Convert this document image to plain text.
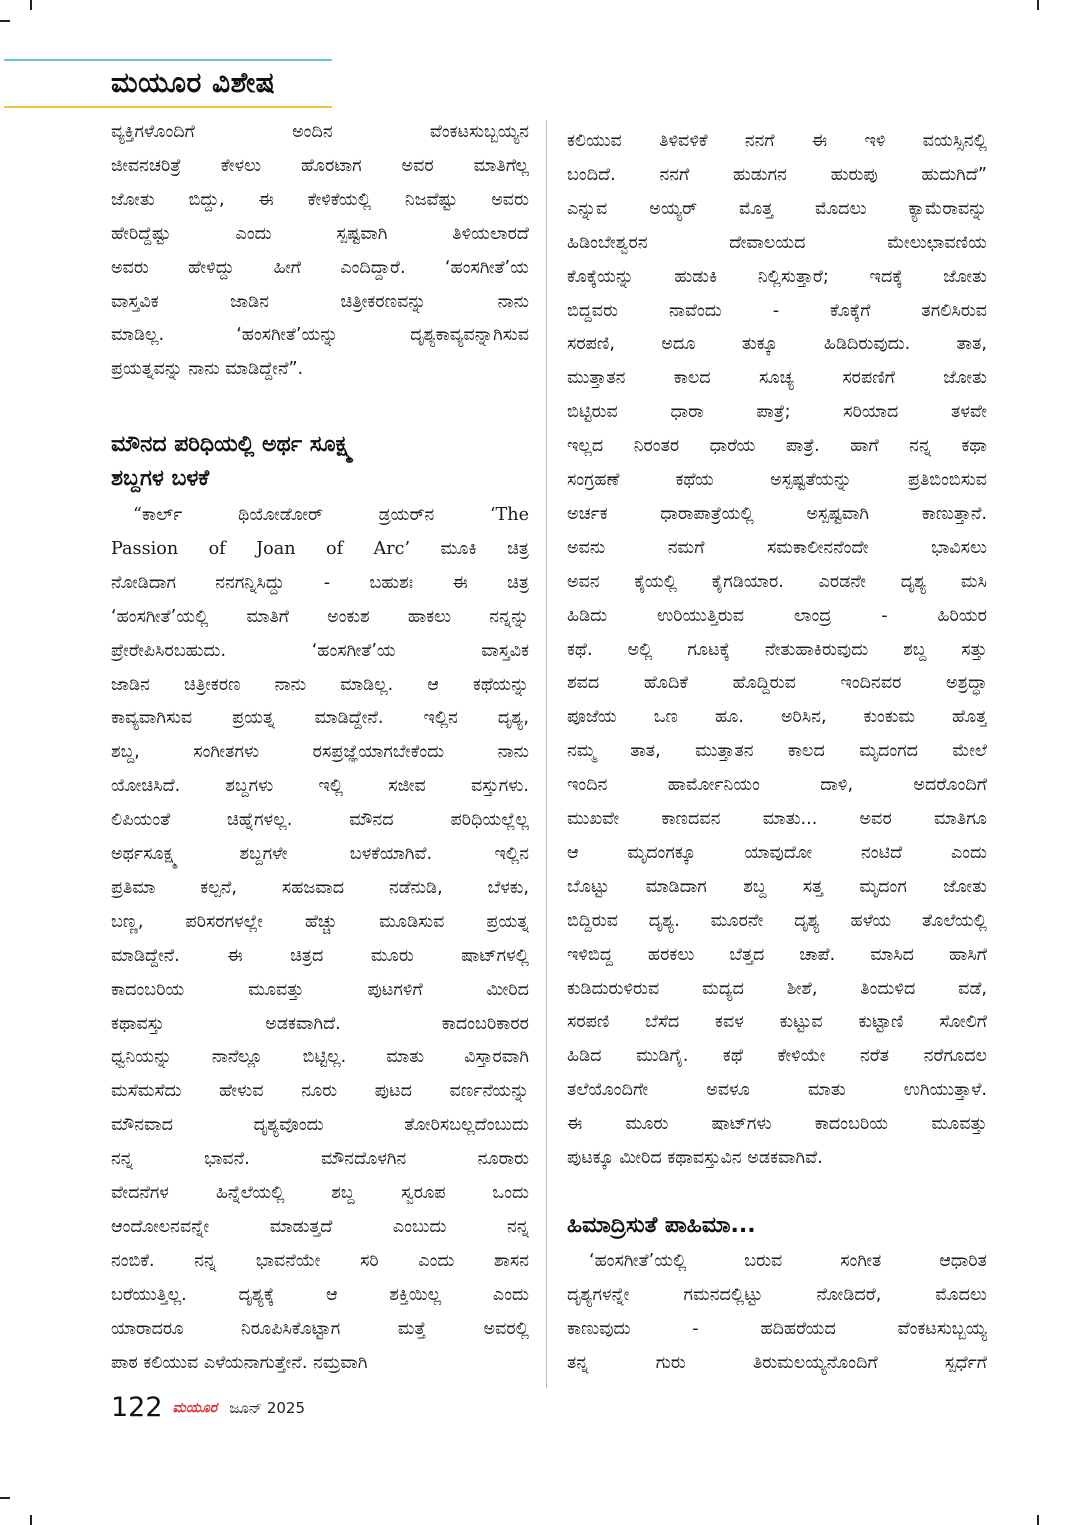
ಮಯೂರ ವಿಶೇಷ
ವ್ಯಕ್ತಿಗಳೊಂದಿಗೆ ಅಂದಿನ ವೆಂಕಟಸುಬ್ಬಯ್ಯನ
ಜೀವನಚರಿತ್ರೆ ಕೇಳಲು ಹೊರಟಾಗ ಅವರ ಮಾತಿಗೆಲ್ಲ
ಜೋತು ಬಿದ್ದು, ಈ ಕೇಳಿಕೆಯಲ್ಲಿ ನಿಜವೆಷ್ಟು ಅವರು
ಹೇರಿದ್ದೆಷ್ಟು ಎಂದು ಸ್ಪಷ್ಟವಾಗಿ ತಿಳಿಯಲಾರದೆ
ಅವರು ಹೇಳಿದ್ದು ಹೀಗೆ ಎಂದಿದ್ದಾರೆ. ‘ಹಂಸಗೀತೆ’ಯ
ವಾಸ್ತವಿಕ ಜಾಡಿನ ಚಿತ್ರೀಕರಣವನ್ನು ನಾನು
ಮಾಡಿಲ್ಲ. ‘ಹಂಸಗೀತೆ’ಯನ್ನು ದೃಶ್ಯಕಾವ್ಯವನ್ನಾಗಿಸುವ
ಪ್ರಯತ್ನವನ್ನು ನಾನು ಮಾಡಿದ್ದೇನೆ”.
ಮೌನದ ಪರಿಧಿಯಲ್ಲಿ ಅರ್ಥ ಸೂಕ್ಷ್ಮ
ಶಬ್ದಗಳ ಬಳಕೆ
“ಕಾರ್ಲ್ ಥಿಯೋಡೋರ್ ಡ್ರಯರ್‌ನ ‘The
Passion of Joan of Arc’ ಮೂಕಿ ಚಿತ್ರ
ನೋಡಿದಾಗ ನನಗನ್ನಿಸಿದ್ದು - ಬಹುಶಃ ಈ ಚಿತ್ರ
‘ಹಂಸಗೀತೆ’ಯಲ್ಲಿ ಮಾತಿಗೆ ಅಂಕುಶ ಹಾಕಲು ನನ್ನನ್ನು
ಪ್ರೇರೇಪಿಸಿರಬಹುದು. ‘ಹಂಸಗೀತೆ’ಯ ವಾಸ್ತವಿಕ
ಜಾಡಿನ ಚಿತ್ರೀಕರಣ ನಾನು ಮಾಡಿಲ್ಲ. ಆ ಕಥೆಯನ್ನು
ಕಾವ್ಯವಾಗಿಸುವ ಪ್ರಯತ್ನ ಮಾಡಿದ್ದೇನೆ. ಇಲ್ಲಿನ ದೃಶ್ಯ,
ಶಬ್ದ, ಸಂಗೀತಗಳು ರಸಪ್ರಜ್ಞೆಯಾಗಬೇಕೆಂದು ನಾನು
ಯೋಚಿಸಿದೆ. ಶಬ್ದಗಳು ಇಲ್ಲಿ ಸಜೀವ ವಸ್ತುಗಳು.
ಲಿಪಿಯಂತೆ ಚಿಹ್ನೆಗಳಲ್ಲ. ಮೌನದ ಪರಿಧಿಯಲ್ಲೆಲ್ಲ
ಅರ್ಥಸೂಕ್ಷ್ಮ ಶಬ್ದಗಳೇ ಬಳಕೆಯಾಗಿವೆ. ಇಲ್ಲಿನ
ಪ್ರತಿಮಾ ಕಲ್ಪನೆ, ಸಹಜವಾದ ನಡೆನುಡಿ, ಬೆಳಕು,
ಬಣ್ಣ, ಪರಿಸರಗಳಲ್ಲೇ ಹೆಚ್ಚು ಮೂಡಿಸುವ ಪ್ರಯತ್ನ
ಮಾಡಿದ್ದೇನೆ. ಈ ಚಿತ್ರದ ಮೂರು ಷಾಟ್‌ಗಳಲ್ಲಿ
ಕಾದಂಬರಿಯ ಮೂವತ್ತು ಪುಟಗಳಿಗೆ ಮೀರಿದ
ಕಥಾವಸ್ತು ಅಡಕವಾಗಿದೆ. ಕಾದಂಬರಿಕಾರರ
ಧ್ವನಿಯನ್ನು ನಾನೆಲ್ಲೂ ಬಿಟ್ಟಿಲ್ಲ. ಮಾತು ವಿಸ್ತಾರವಾಗಿ
ಮಸೆಮಸೆದು ಹೇಳುವ ನೂರು ಪುಟದ ವರ್ಣನೆಯನ್ನು
ಮೌನವಾದ ದೃಶ್ಯವೊಂದು ತೋರಿಸಬಲ್ಲದೆಂಬುದು
ನನ್ನ ಭಾವನೆ. ಮೌನದೊಳಗಿನ ನೂರಾರು
ವೇದನೆಗಳ ಹಿನ್ನೆಲೆಯಲ್ಲಿ ಶಬ್ದ ಸ್ವರೂಪ ಒಂದು
ಆಂದೋಲನವನ್ನೇ ಮಾಡುತ್ತದೆ ಎಂಬುದು ನನ್ನ
ನಂಬಿಕೆ. ನನ್ನ ಭಾವನೆಯೇ ಸರಿ ಎಂದು ಶಾಸನ
ಬರೆಯುತ್ತಿಲ್ಲ. ದೃಶ್ಯಕ್ಕೆ ಆ ಶಕ್ತಿಯಿಲ್ಲ ಎಂದು
ಯಾರಾದರೂ ನಿರೂಪಿಸಿಕೊಟ್ಟಾಗ ಮತ್ತೆ ಅವರಲ್ಲಿ
ಪಾಠ ಕಲಿಯುವ ಎಳೆಯನಾಗುತ್ತೇನೆ. ನಮ್ರವಾಗಿ
ಕಲಿಯುವ ತಿಳಿವಳಿಕೆ ನನಗೆ ಈ ಇಳಿ ವಯಸ್ಸಿನಲ್ಲಿ
ಬಂದಿದೆ. ನನಗೆ ಹುಡುಗನ ಹುರುಪು ಹುದುಗಿದೆ”
ಎನ್ನುವ ಅಯ್ಯರ್ ಮೊತ್ತ ಮೊದಲು ಕ್ಯಾಮೆರಾವನ್ನು
ಹಿಡಿಂಬೇಶ್ವರನ ದೇವಾಲಯದ ಮೇಲುಛಾವಣಿಯ
ಕೊಕ್ಕೆಯನ್ನು ಹುಡುಕಿ ನಿಲ್ಲಿಸುತ್ತಾರೆ; ಇದಕ್ಕೆ ಜೋತು
ಬಿದ್ದವರು ನಾವೆಂದು - ಕೊಕ್ಕೆಗೆ ತಗಲಿಸಿರುವ
ಸರಪಣಿ, ಅದೂ ತುಕ್ಕೂ ಹಿಡಿದಿರುವುದು. ತಾತ,
ಮುತ್ತಾತನ ಕಾಲದ ಸೂಚ್ಯ ಸರಪಣಿಗೆ ಜೋತು
ಬಿಟ್ಟಿರುವ ಧಾರಾ ಪಾತ್ರೆ; ಸರಿಯಾದ ತಳವೇ
ಇಲ್ಲದ ನಿರಂತರ ಧಾರೆಯ ಪಾತ್ರೆ. ಹಾಗೆ ನನ್ನ ಕಥಾ
ಸಂಗ್ರಹಣೆ ಕಥೆಯ ಅಸ್ಪಷ್ಟತೆಯನ್ನು ಪ್ರತಿಬಿಂಬಿಸುವ
ಅರ್ಚಕ ಧಾರಾಪಾತ್ರೆಯಲ್ಲಿ ಅಸ್ಪಷ್ಟವಾಗಿ ಕಾಣುತ್ತಾನೆ.
ಅವನು ನಮಗೆ ಸಮಕಾಲೀನನೆಂದೇ ಭಾವಿಸಲು
ಅವನ ಕೈಯಲ್ಲಿ ಕೈಗಡಿಯಾರ. ಎರಡನೇ ದೃಶ್ಯ ಮಸಿ
ಹಿಡಿದು ಉರಿಯುತ್ತಿರುವ ಲಾಂದ್ರ - ಹಿರಿಯರ
ಕಥೆ. ಅಲ್ಲಿ ಗೂಟಕ್ಕೆ ನೇತುಹಾಕಿರುವುದು ಶಬ್ದ ಸತ್ತು
ಶವದ ಹೊದಿಕೆ ಹೊದ್ದಿರುವ ಇಂದಿನವರ ಅಶ್ರದ್ಧಾ
ಪೂಜೆಯ ಒಣ ಹೂ. ಅರಿಸಿನ, ಕುಂಕುಮ ಹೊತ್ತ
ನಮ್ಮ ತಾತ, ಮುತ್ತಾತನ ಕಾಲದ ಮೃದಂಗದ ಮೇಲೆ
ಇಂದಿನ ಹಾರ್ಮೋನಿಯಂ ದಾಳಿ, ಅದರೊಂದಿಗೆ
ಮುಖವೇ ಕಾಣದವನ ಮಾತು... ಅವರ ಮಾತಿಗೂ
ಆ ಮೃದಂಗಕ್ಕೂ ಯಾವುದೋ ನಂಟಿದೆ ಎಂದು
ಬೊಟ್ಟು ಮಾಡಿದಾಗ ಶಬ್ದ ಸತ್ತ ಮೃದಂಗ ಜೋತು
ಬಿದ್ದಿರುವ ದೃಶ್ಯ. ಮೂರನೇ ದೃಶ್ಯ ಹಳೆಯ ತೊಲೆಯಲ್ಲಿ
ಇಳಿಬಿದ್ದ ಹರಕಲು ಬೆತ್ತದ ಚಾಪೆ. ಮಾಸಿದ ಹಾಸಿಗೆ
ಕುಡಿದುರುಳಿರುವ ಮದ್ಯದ ಶೀಶೆ, ತಿಂದುಳಿದ ವಡೆ,
ಸರಪಣಿ ಬೆಸೆದ ಕವಳ ಕುಟ್ಟುವ ಕುಟ್ಟಾಣಿ ಸೋಲಿಗೆ
ಹಿಡಿದ ಮುಡಿಗೈ. ಕಥೆ ಕೇಳಿಯೇ ನರೆತ ನರೆಗೂದಲ
ತಲೆಯೊಂದಿಗೇ ಅವಳೂ ಮಾತು ಉಗಿಯುತ್ತಾಳೆ.
ಈ ಮೂರು ಷಾಟ್‌ಗಳು ಕಾದಂಬರಿಯ ಮೂವತ್ತು
ಪುಟಕ್ಕೂ ಮೀರಿದ ಕಥಾವಸ್ತುವಿನ ಅಡಕವಾಗಿವೆ.
ಹಿಮಾದ್ರಿಸುತೆ ಪಾಹಿಮಾ...
‘ಹಂಸಗೀತೆ’ಯಲ್ಲಿ ಬರುವ ಸಂಗೀತ ಆಧಾರಿತ
ದೃಶ್ಯಗಳನ್ನೇ ಗಮನದಲ್ಲಿಟ್ಟು ನೋಡಿದರೆ, ಮೊದಲು
ಕಾಣುವುದು - ಹದಿಹರೆಯದ ವೆಂಕಟಸುಬ್ಬಯ್ಯ
ತನ್ನ ಗುರು ತಿರುಮಲಯ್ಯನೊಂದಿಗೆ ಸ್ಪರ್ಧೆಗೆ
122 ಮಯೂರ ಜೂನ್ 2025
